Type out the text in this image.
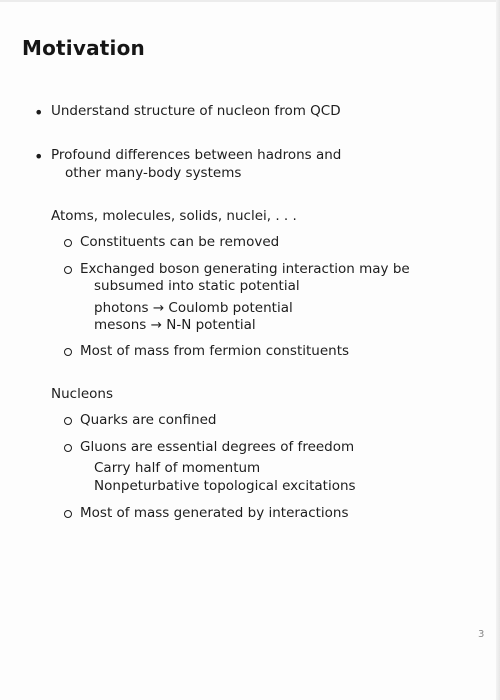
Motivation
• Understand structure of nucleon from QCD
• Profound differences between hadrons and
other many-body systems
Atoms, molecules, solids, nuclei, . . .
Constituents can be removed
Exchanged boson generating interaction may be
subsumed into static potential
photons → Coulomb potential
mesons → N-N potential
Most of mass from fermion constituents
Nucleons
Quarks are confined
Gluons are essential degrees of freedom
Carry half of momentum
Nonpeturbative topological excitations
Most of mass generated by interactions
3
